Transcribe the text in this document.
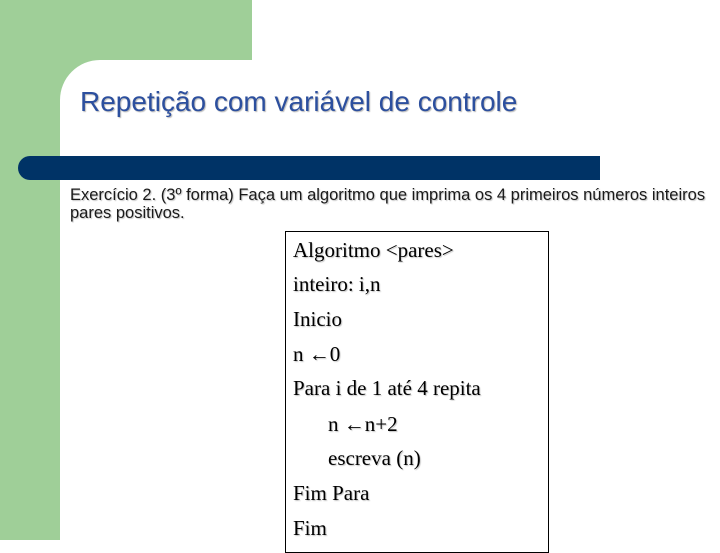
Repetição com variável de controle
Exercício 2. (3º forma) Faça um algoritmo que imprima os 4 primeiros números inteiros pares positivos.
Algoritmo <pares>
inteiro: i,n
Inicio
n ←0
Para i de 1 até 4 repita
n ←n+2
escreva (n)
Fim Para
Fim
